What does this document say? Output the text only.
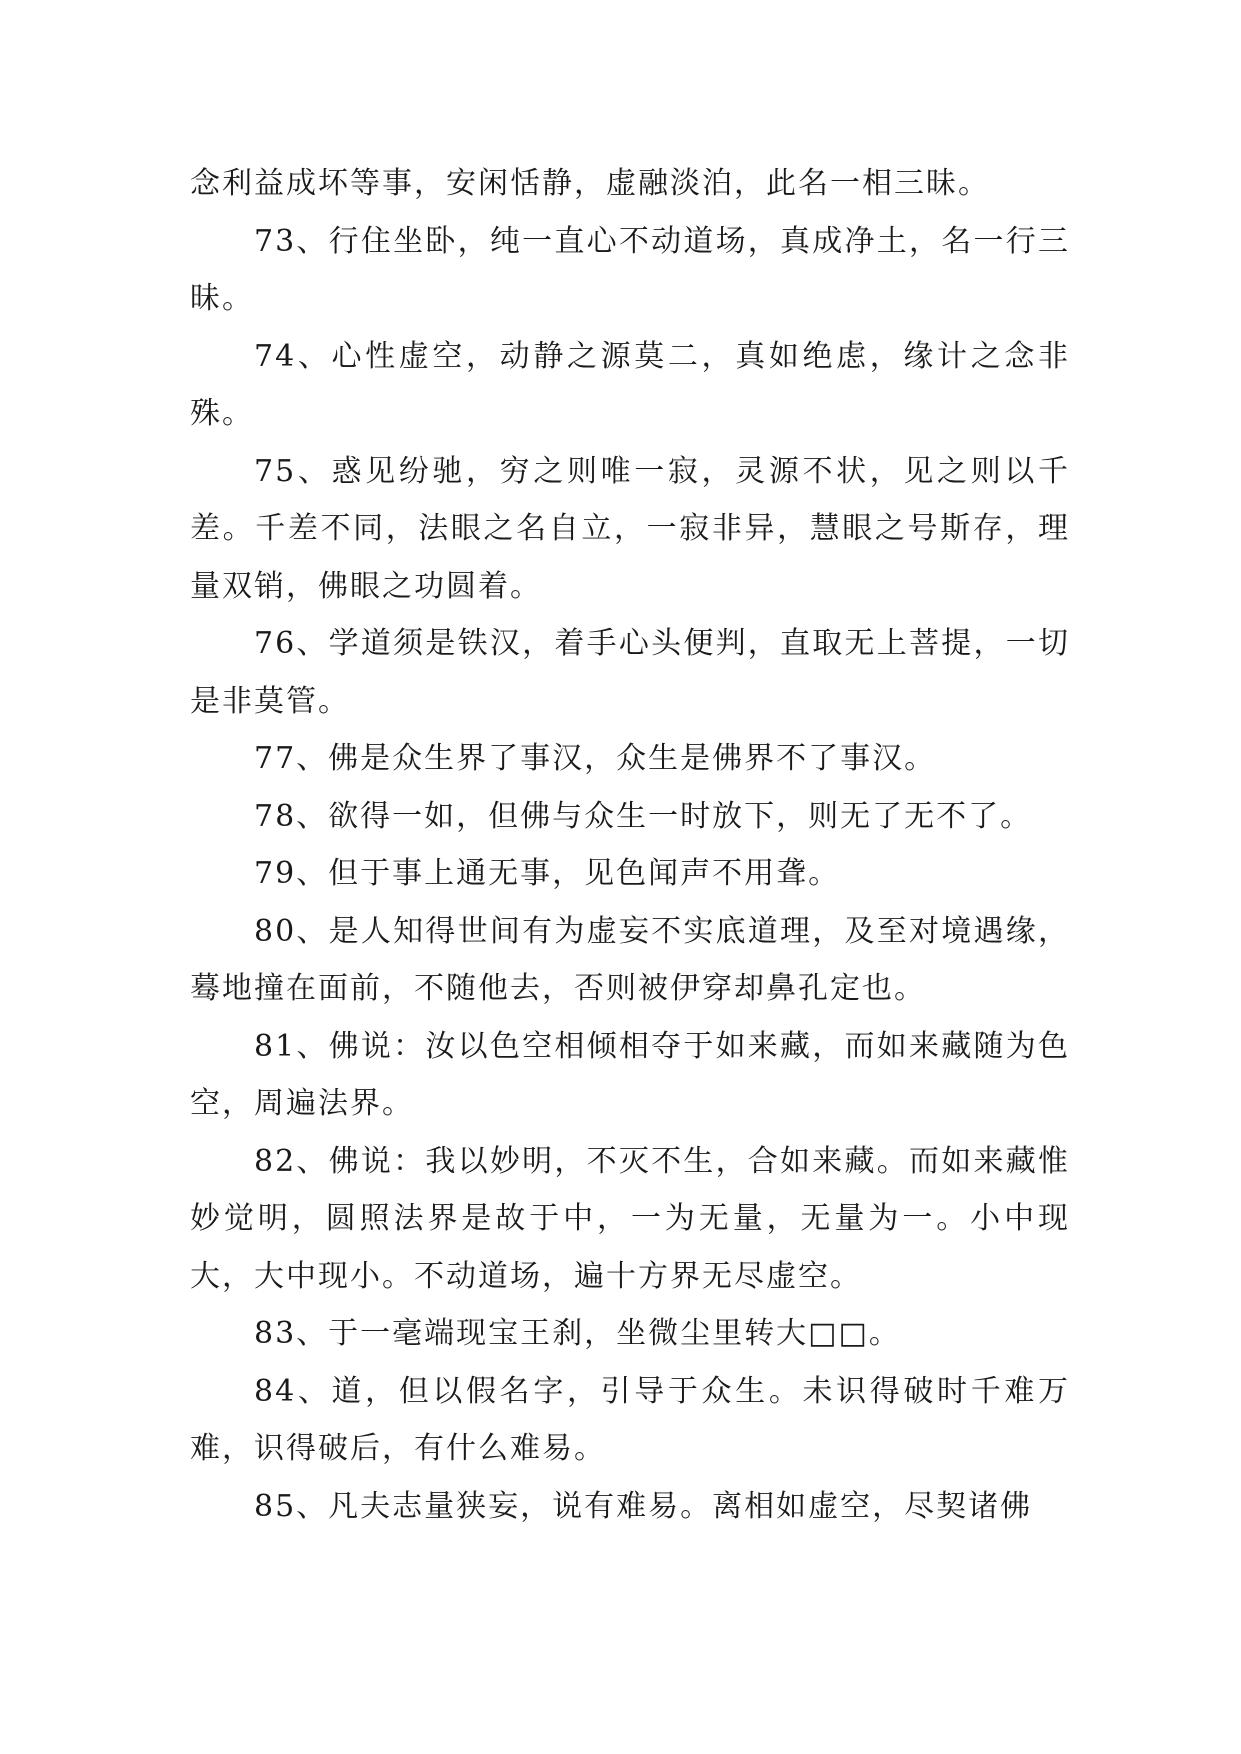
念利益成坏等事，安闲恬静，虚融淡泊，此名一相三昧。

73、行住坐卧，纯一直心不动道场，真成净土，名一行三昧。

74、心性虚空，动静之源莫二，真如绝虑，缘计之念非殊。

75、惑见纷驰，穷之则唯一寂，灵源不状，见之则以千差。千差不同，法眼之名自立，一寂非异，慧眼之号斯存，理量双销，佛眼之功圆着。

76、学道须是铁汉，着手心头便判，直取无上菩提，一切是非莫管。

77、佛是众生界了事汉，众生是佛界不了事汉。

78、欲得一如，但佛与众生一时放下，则无了无不了。

79、但于事上通无事，见色闻声不用聋。

80、是人知得世间有为虚妄不实底道理，及至对境遇缘，蓦地撞在面前，不随他去，否则被伊穿却鼻孔定也。

81、佛说：汝以色空相倾相夺于如来藏，而如来藏随为色空，周遍法界。

82、佛说：我以妙明，不灭不生，合如来藏。而如来藏惟妙觉明，圆照法界是故于中，一为无量，无量为一。小中现大，大中现小。不动道场，遍十方界无尽虚空。

83、于一毫端现宝王刹，坐微尘里转大□□。

84、道，但以假名字，引导于众生。未识得破时千难万难，识得破后，有什么难易。

85、凡夫志量狭妄，说有难易。离相如虚空，尽契诸佛
